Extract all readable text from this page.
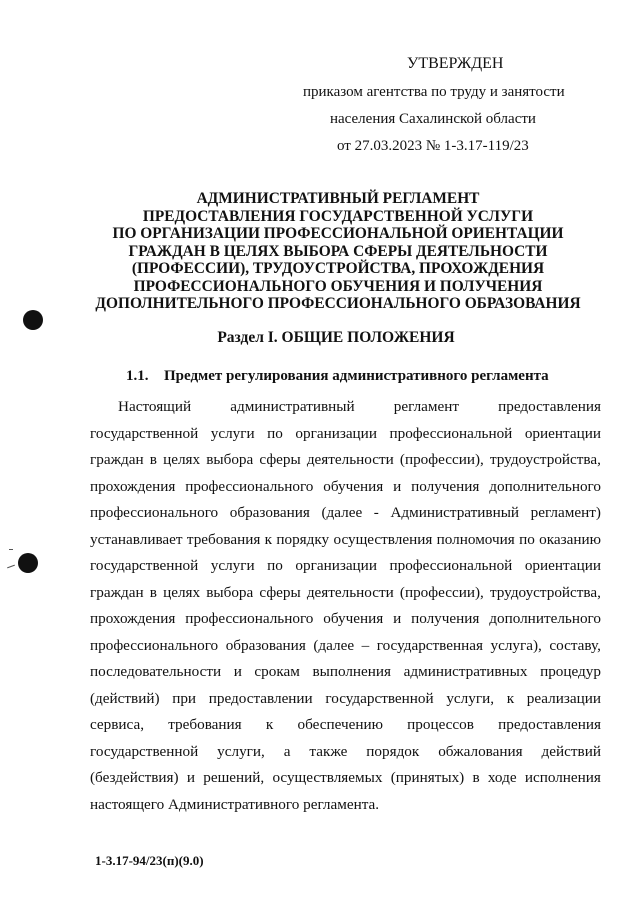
УТВЕРЖДЕН
приказом агентства по труду и занятости
населения Сахалинской области
от 27.03.2023 № 1-3.17-119/23
АДМИНИСТРАТИВНЫЙ РЕГЛАМЕНТ
ПРЕДОСТАВЛЕНИЯ ГОСУДАРСТВЕННОЙ УСЛУГИ
ПО ОРГАНИЗАЦИИ ПРОФЕССИОНАЛЬНОЙ ОРИЕНТАЦИИ
ГРАЖДАН В ЦЕЛЯХ ВЫБОРА СФЕРЫ ДЕЯТЕЛЬНОСТИ
(ПРОФЕССИИ), ТРУДОУСТРОЙСТВА, ПРОХОЖДЕНИЯ
ПРОФЕССИОНАЛЬНОГО ОБУЧЕНИЯ И ПОЛУЧЕНИЯ
ДОПОЛНИТЕЛЬНОГО ПРОФЕССИОНАЛЬНОГО ОБРАЗОВАНИЯ
Раздел I. ОБЩИЕ ПОЛОЖЕНИЯ
1.1. Предмет регулирования административного регламента
Настоящий	административный	регламент	предоставления
государственной услуги по организации профессиональной ориентации
граждан в целях выбора сферы деятельности (профессии), трудоустройства,
прохождения профессионального обучения и получения дополнительного
профессионального образования (далее - Административный регламент)
устанавливает требования к порядку осуществления полномочия по оказанию
государственной услуги по организации профессиональной ориентации
граждан в целях выбора сферы деятельности (профессии), трудоустройства,
прохождения профессионального обучения и получения дополнительного
профессионального образования (далее – государственная услуга), составу,
последовательности и срокам выполнения административных процедур
(действий) при предоставлении государственной услуги, к реализации
сервиса, требования к обеспечению процессов предоставления
государственной услуги, а также порядок обжалования действий
(бездействия) и решений, осуществляемых (принятых) в ходе исполнения
настоящего Административного регламента.
1-3.17-94/23(п)(9.0)
